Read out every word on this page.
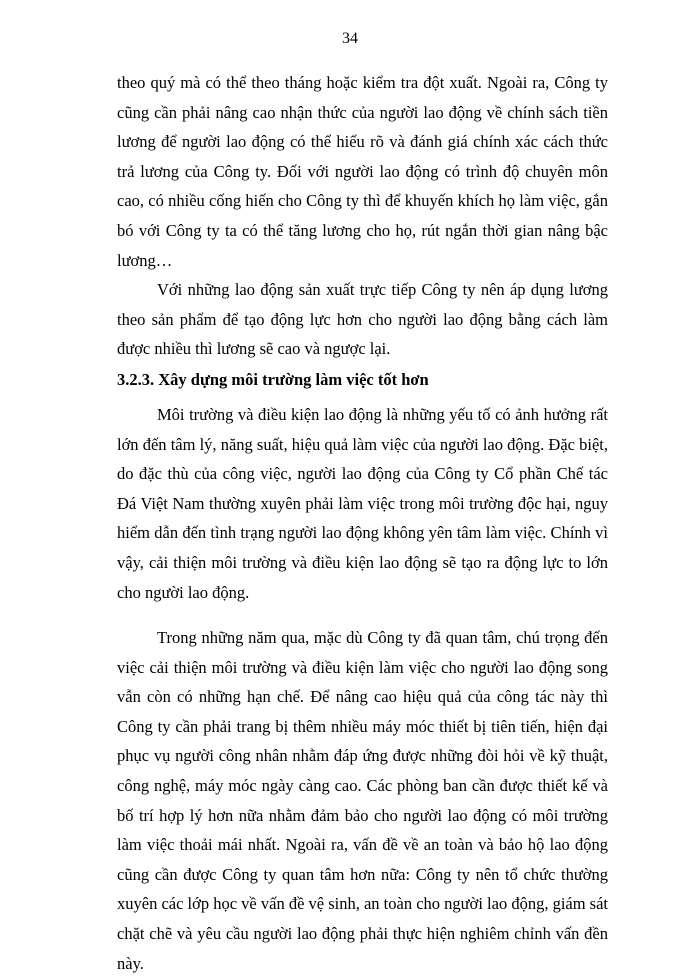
34

theo quý mà có thể theo tháng hoặc kiểm tra đột xuất. Ngoài ra, Công ty cũng cần phải nâng cao nhận thức của người lao động về chính sách tiền lương để người lao động có thể hiểu rõ và đánh giá chính xác cách thức trả lương của Công ty. Đối với người lao động có trình độ chuyên môn cao, có nhiều cống hiến cho Công ty thì để khuyến khích họ làm việc, gắn bó với Công ty ta có thể tăng lương cho họ, rút ngắn thời gian nâng bậc lương…

Với những lao động sản xuất trực tiếp Công ty nên áp dụng lương theo sản phẩm để tạo động lực hơn cho người lao động bằng cách làm được nhiều thì lương sẽ cao và ngược lại.

3.2.3. Xây dựng môi trường làm việc tốt hơn

Môi trường và điều kiện lao động là những yếu tố có ảnh hưởng rất lớn đến tâm lý, năng suất, hiệu quả làm việc của người lao động. Đặc biệt, do đặc thù của công việc, người lao động của Công ty Cổ phần Chế tác Đá Việt Nam thường xuyên phải làm việc trong môi trường độc hại, nguy hiểm dẫn đến tình trạng người lao động không yên tâm làm việc. Chính vì vậy, cải thiện môi trường và điều kiện lao động sẽ tạo ra động lực to lớn cho người lao động.

Trong những năm qua, mặc dù Công ty đã quan tâm, chú trọng đến việc cải thiện môi trường và điều kiện làm việc cho người lao động song vẫn còn có những hạn chế. Để nâng cao hiệu quả của công tác này thì Công ty cần phải trang bị thêm nhiều máy móc thiết bị tiên tiến, hiện đại phục vụ người công nhân nhằm đáp ứng được những đòi hỏi về kỹ thuật, công nghệ, máy móc ngày càng cao. Các phòng ban cần được thiết kế và bố trí hợp lý hơn nữa nhằm đảm bảo cho người lao động có môi trường làm việc thoải mái nhất. Ngoài ra, vấn đề về an toàn và bảo hộ lao động cũng cần được Công ty quan tâm hơn nữa: Công ty nên tổ chức thường xuyên các lớp học về vấn đề vệ sinh, an toàn cho người lao động, giám sát chặt chẽ và yêu cầu người lao động phải thực hiện nghiêm chỉnh vấn đền này.
